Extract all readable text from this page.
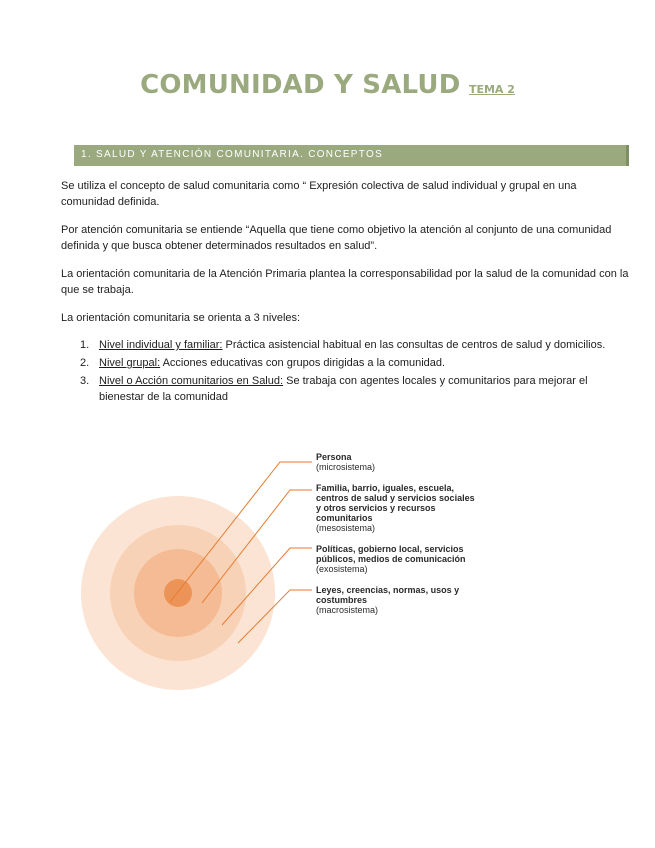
COMUNIDAD Y SALUD TEMA 2
1. SALUD Y ATENCIÓN COMUNITARIA. CONCEPTOS

Se utiliza el concepto de salud comunitaria como “ Expresión colectiva de salud individual y grupal en una comunidad definida.

Por atención comunitaria se entiende “Aquella que tiene como objetivo la atención al conjunto de una comunidad definida y que busca obtener determinados resultados en salud”.

La orientación comunitaria de la Atención Primaria plantea la corresponsabilidad por la salud de la comunidad con la que se trabaja.

La orientación comunitaria se orienta a 3 niveles:

1. Nivel individual y familiar: Práctica asistencial habitual en las consultas de centros de salud y domicilios.
2. Nivel grupal: Acciones educativas con grupos dirigidas a la comunidad.
3. Nivel o Acción comunitarios en Salud: Se trabaja con agentes locales y comunitarios para mejorar el bienestar de la comunidad
Persona
(microsistema)
Familia, barrio, iguales, escuela, centros de salud y servicios sociales y otros servicios y recursos comunitarios
(mesosistema)
Políticas, gobierno local, servicios públicos, medios de comunicación
(exosistema)
Leyes, creencias, normas, usos y costumbres
(macrosistema)
